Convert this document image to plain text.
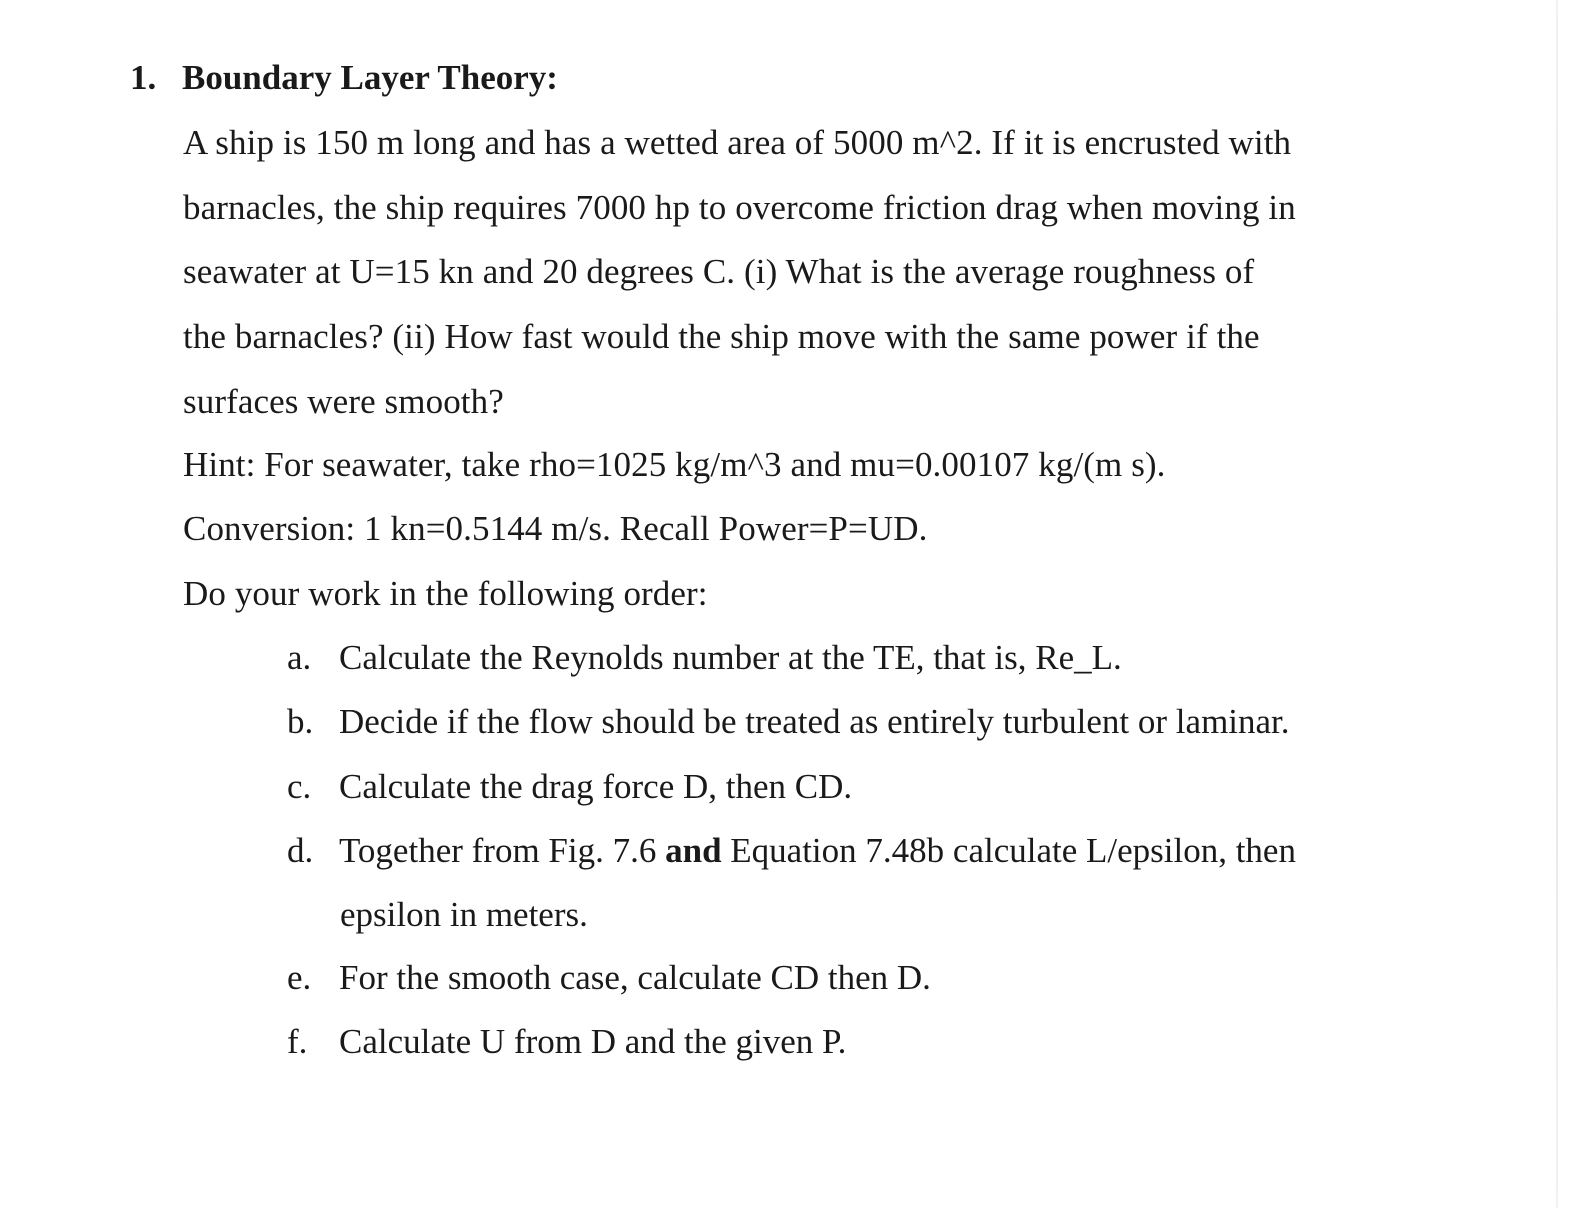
1. Boundary Layer Theory:
A ship is 150 m long and has a wetted area of 5000 m^2. If it is encrusted with
barnacles, the ship requires 7000 hp to overcome friction drag when moving in
seawater at U=15 kn and 20 degrees C. (i) What is the average roughness of
the barnacles? (ii) How fast would the ship move with the same power if the
surfaces were smooth?
Hint: For seawater, take rho=1025 kg/m^3 and mu=0.00107 kg/(m s).
Conversion: 1 kn=0.5144 m/s. Recall Power=P=UD.
Do your work in the following order:
a. Calculate the Reynolds number at the TE, that is, Re_L.
b. Decide if the flow should be treated as entirely turbulent or laminar.
c. Calculate the drag force D, then CD.
d. Together from Fig. 7.6 and Equation 7.48b calculate L/epsilon, then
epsilon in meters.
e. For the smooth case, calculate CD then D.
f. Calculate U from D and the given P.
